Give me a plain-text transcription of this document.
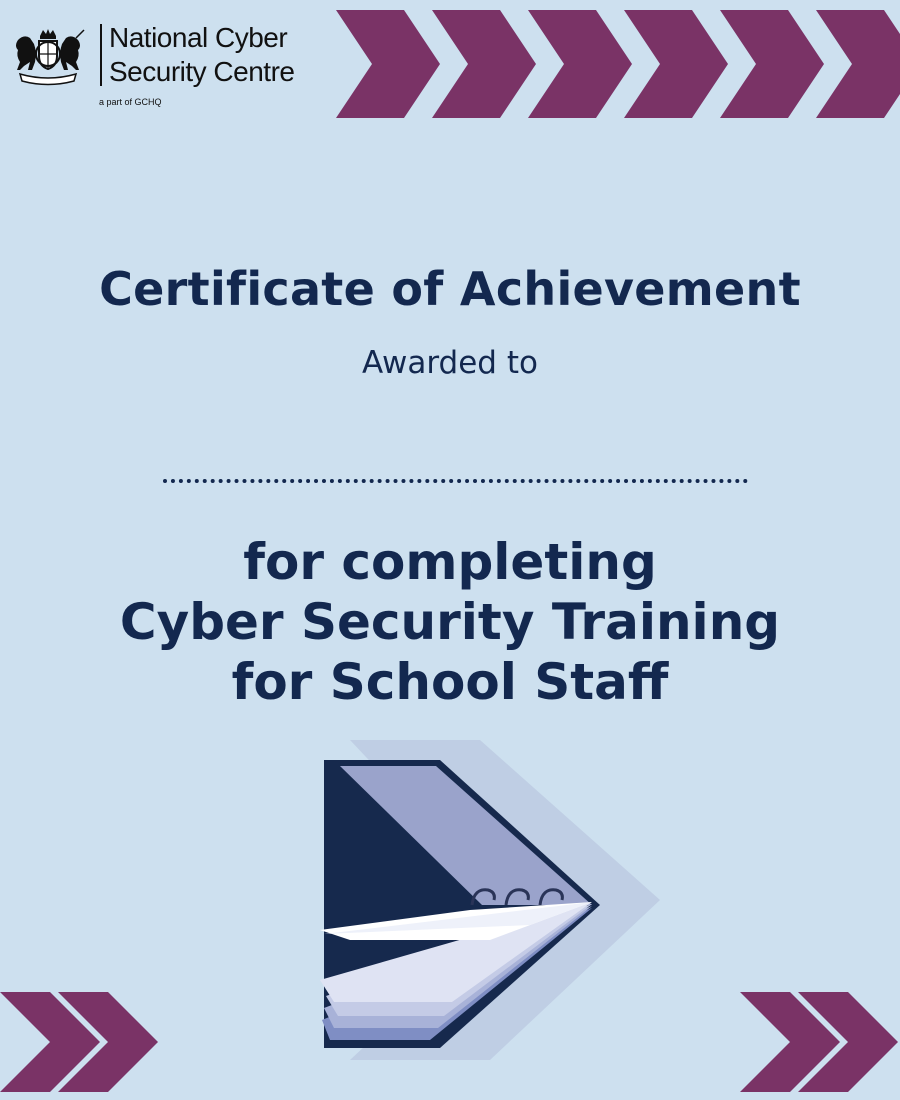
National Cyber
Security Centre
a part of GCHQ
Certificate of Achievement

Awarded to

for completing
Cyber Security Training
for School Staff
